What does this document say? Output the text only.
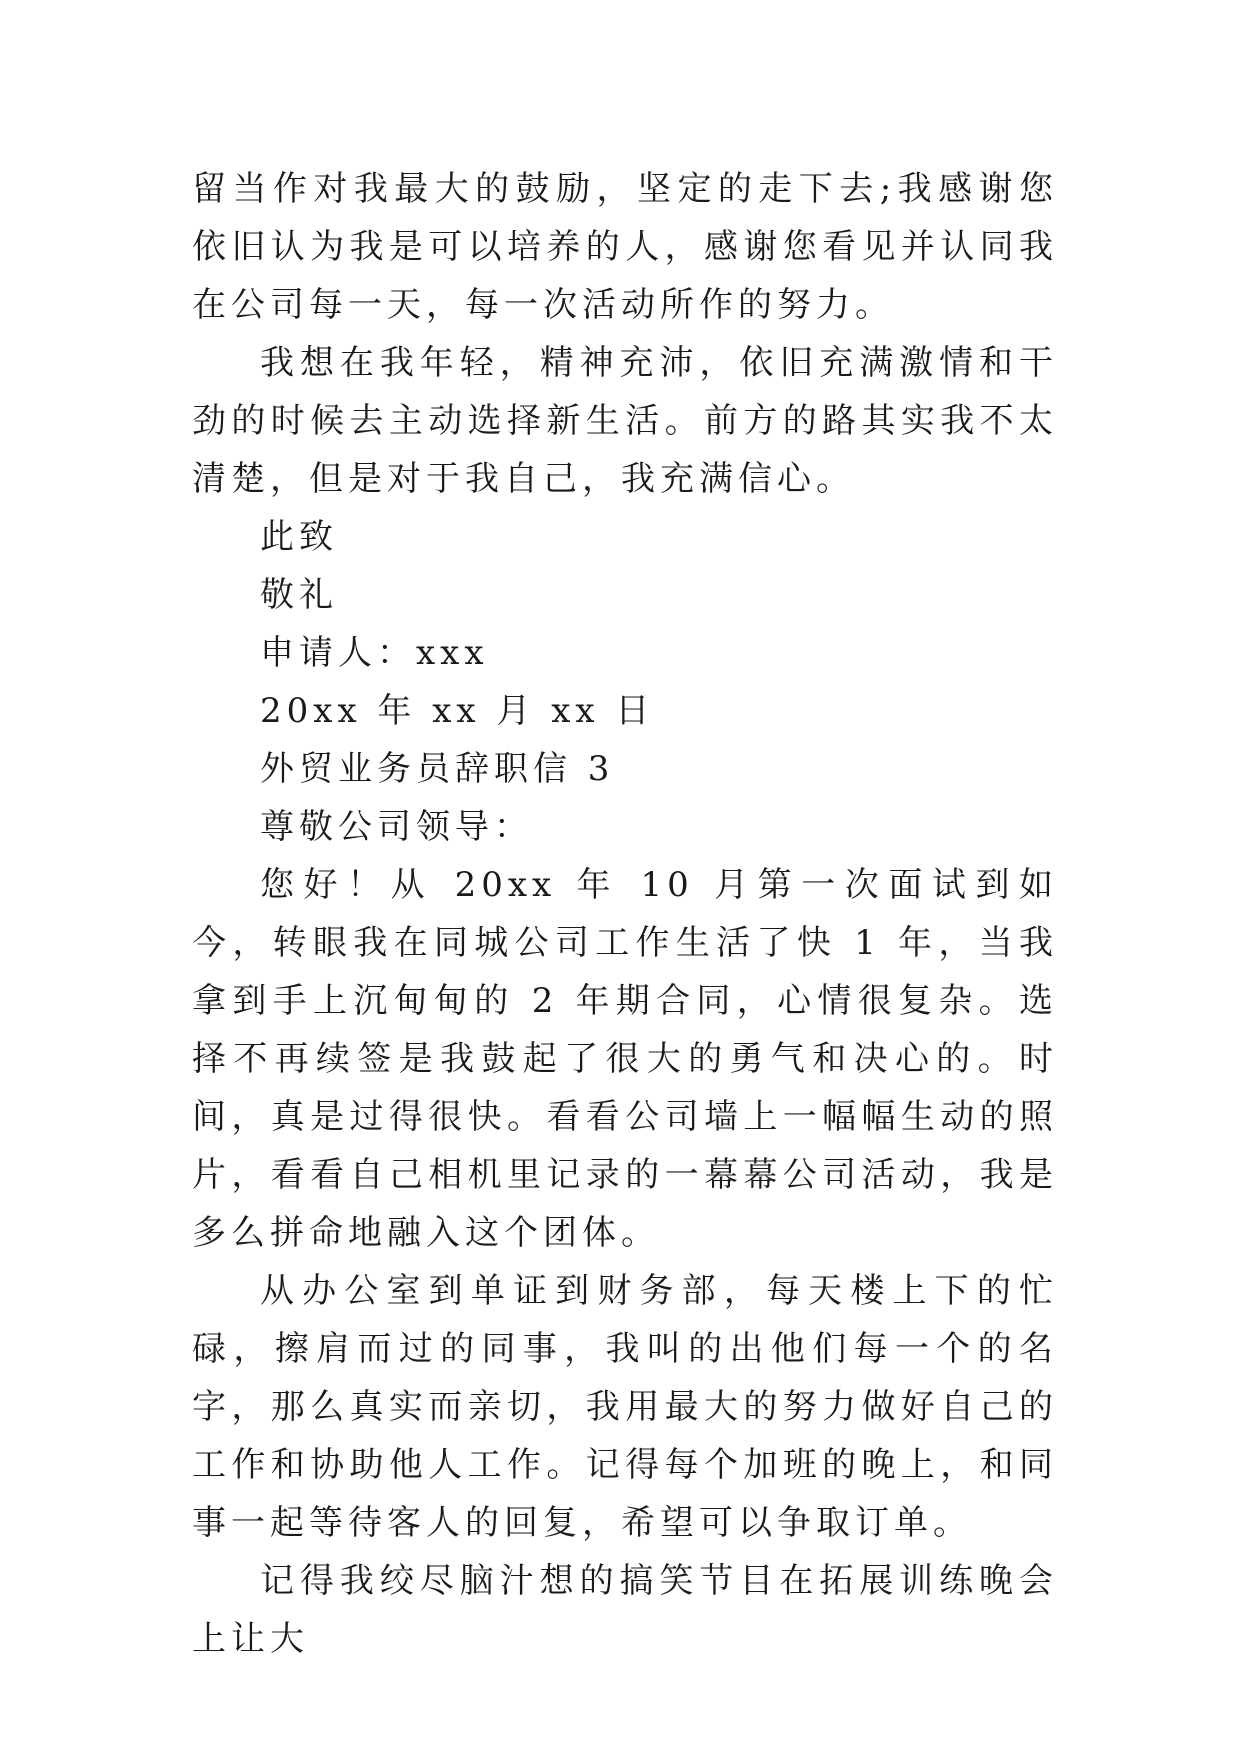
留当作对我最大的鼓励，坚定的走下去;我感谢您依旧认为我是可以培养的人，感谢您看见并认同我在公司每一天，每一次活动所作的努力。

我想在我年轻，精神充沛，依旧充满激情和干劲的时候去主动选择新生活。前方的路其实我不太清楚，但是对于我自己，我充满信心。

此致

敬礼

申请人：xxx

20xx 年 xx 月 xx 日

外贸业务员辞职信 3

尊敬公司领导：

您好！从 20xx 年 10 月第一次面试到如今，转眼我在同城公司工作生活了快 1 年，当我拿到手上沉甸甸的 2 年期合同，心情很复杂。选择不再续签是我鼓起了很大的勇气和决心的。时间，真是过得很快。看看公司墙上一幅幅生动的照片，看看自己相机里记录的一幕幕公司活动，我是多么拼命地融入这个团体。

从办公室到单证到财务部，每天楼上下的忙碌，擦肩而过的同事，我叫的出他们每一个的名字，那么真实而亲切，我用最大的努力做好自己的工作和协助他人工作。记得每个加班的晚上，和同事一起等待客人的回复，希望可以争取订单。

记得我绞尽脑汁想的搞笑节目在拓展训练晚会上让大
